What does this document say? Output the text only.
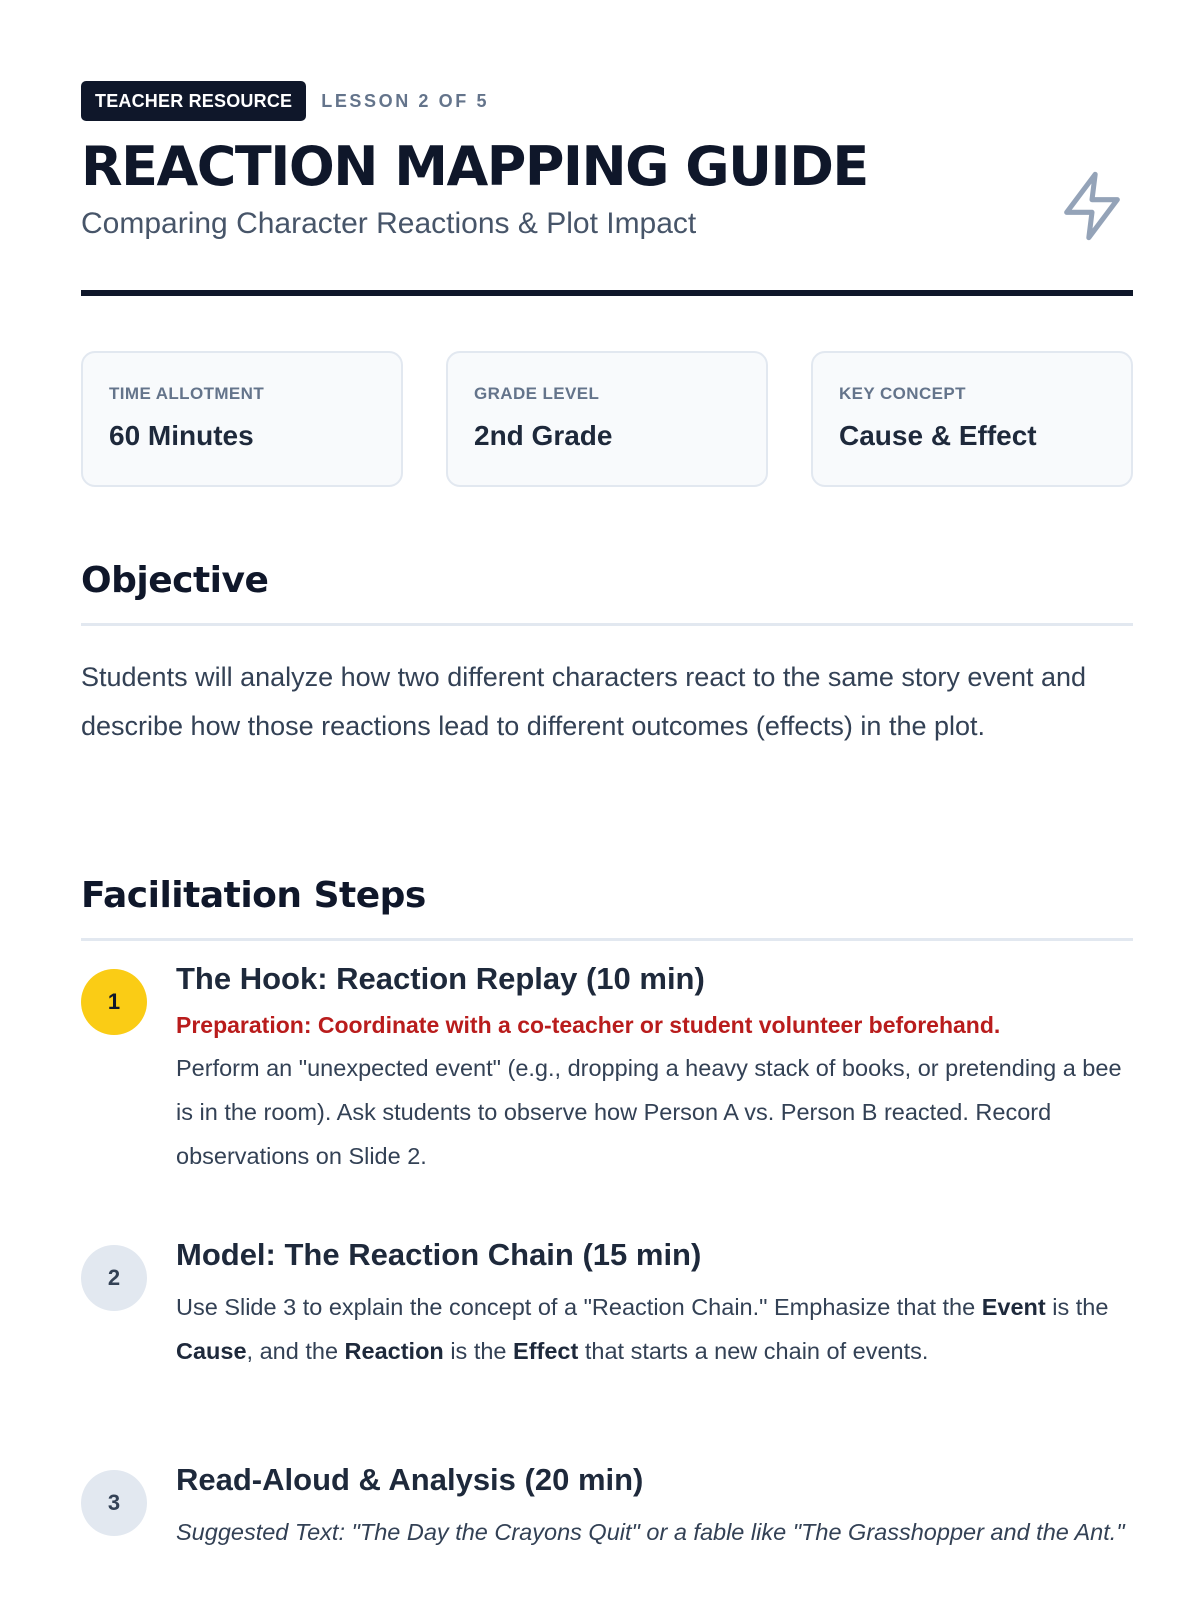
TEACHER RESOURCE	LESSON 2 OF 5
REACTION MAPPING GUIDE

Comparing Character Reactions & Plot Impact

TIME ALLOTMENT
60 Minutes
GRADE LEVEL
2nd Grade
KEY CONCEPT
Cause & Effect
Objective

Students will analyze how two different characters react to the same story event and describe how those reactions lead to different outcomes (effects) in the plot.

Facilitation Steps
1
The Hook: Reaction Replay (10 min)

Preparation: Coordinate with a co-teacher or student volunteer beforehand.

Perform an "unexpected event" (e.g., dropping a heavy stack of books, or pretending a bee is in the room). Ask students to observe how Person A vs. Person B reacted. Record observations on Slide 2.

2
Model: The Reaction Chain (15 min)

Use Slide 3 to explain the concept of a "Reaction Chain." Emphasize that the Event is the Cause, and the Reaction is the Effect that starts a new chain of events.

3
Read-Aloud & Analysis (20 min)

Suggested Text: "The Day the Crayons Quit" or a fable like "The Grasshopper and the Ant."
